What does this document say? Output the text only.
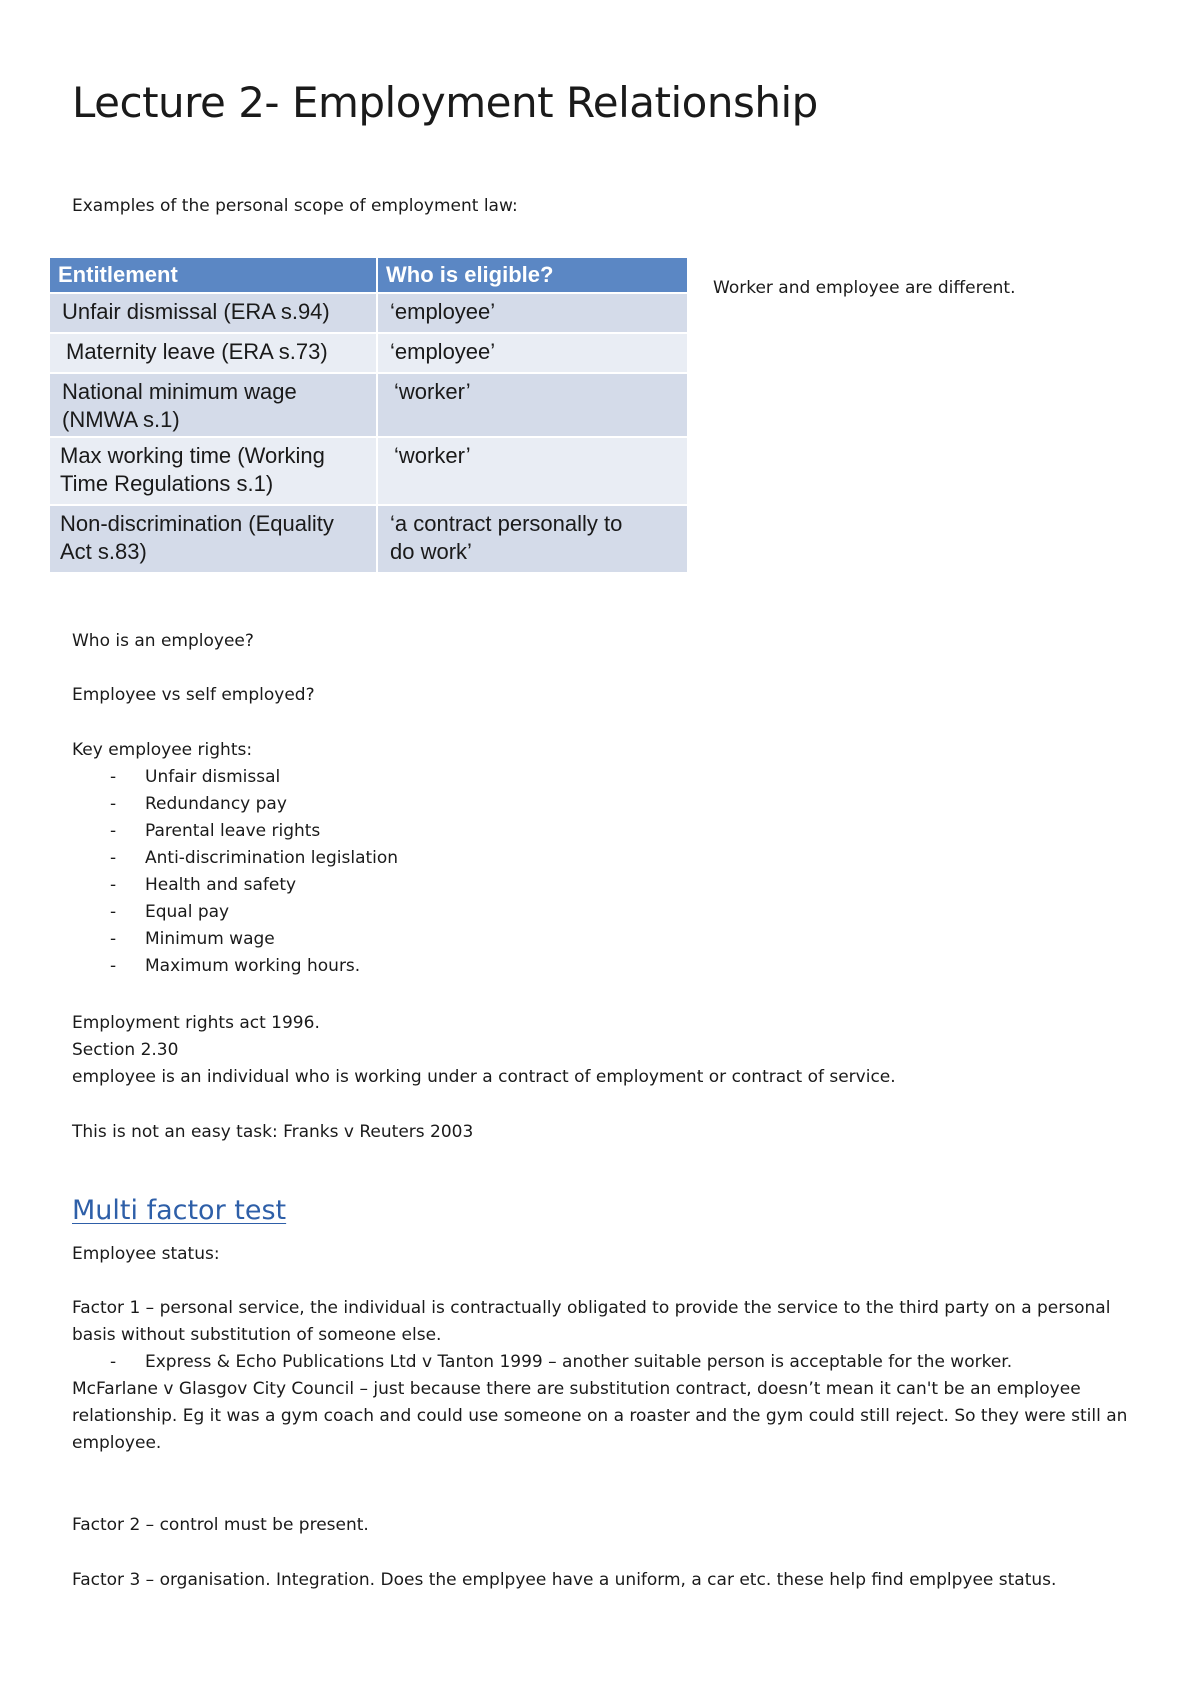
Lecture 2- Employment Relationship
Examples of the personal scope of employment law:
Entitlement	Who is eligible?
Unfair dismissal (ERA s.94)	‘employee’
Maternity leave (ERA s.73)	‘employee’
National minimum wage (NMWA s.1)	‘worker’
Max working time (Working Time Regulations s.1)	‘worker’
Non-discrimination (Equality Act s.83)	‘a contract personally to do work’
Worker and employee are different.
Who is an employee?
Employee vs self employed?
Key employee rights:
- Unfair dismissal
- Redundancy pay
- Parental leave rights
- Anti-discrimination legislation
- Health and safety
- Equal pay
- Minimum wage
- Maximum working hours.
Employment rights act 1996.
Section 2.30
employee is an individual who is working under a contract of employment or contract of service.
This is not an easy task: Franks v Reuters 2003
Multi factor test
Employee status:
Factor 1 – personal service, the individual is contractually obligated to provide the service to the third party on a personal basis without substitution of someone else.
- Express & Echo Publications Ltd v Tanton 1999 – another suitable person is acceptable for the worker.
McFarlane v Glasgov City Council – just because there are substitution contract, doesn’t mean it can't be an employee relationship. Eg it was a gym coach and could use someone on a roaster and the gym could still reject. So they were still an employee.
Factor 2 – control must be present.
Factor 3 – organisation. Integration. Does the emplpyee have a uniform, a car etc. these help find emplpyee status.
